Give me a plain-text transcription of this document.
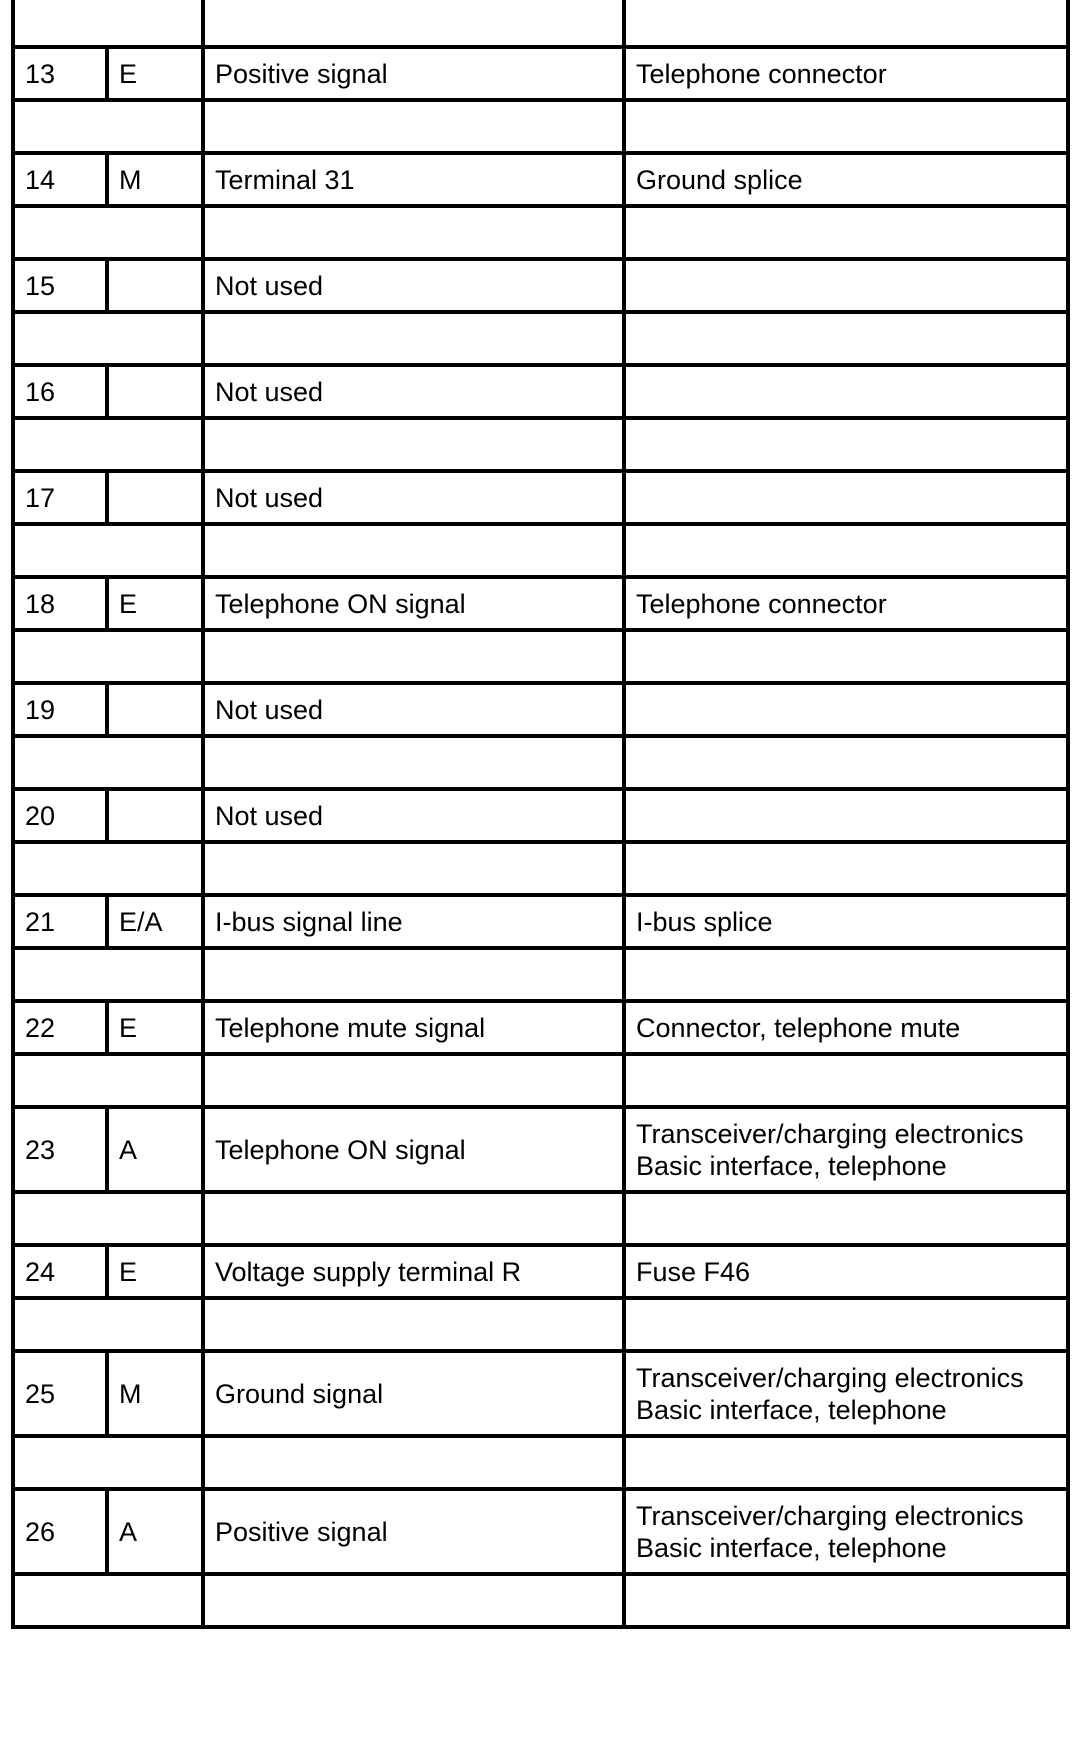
13	E	Positive signal	Telephone connector

14	M	Terminal 31	Ground splice

15		Not used	

16		Not used	

17		Not used	

18	E	Telephone ON signal	Telephone connector

19		Not used	

20		Not used	

21	E/A	I-bus signal line	I-bus splice

22	E	Telephone mute signal	Connector, telephone mute

23	A	Telephone ON signal	Transceiver/charging electronics
Basic interface, telephone

24	E	Voltage supply terminal R	Fuse F46

25	M	Ground signal	Transceiver/charging electronics
Basic interface, telephone

26	A	Positive signal	Transceiver/charging electronics
Basic interface, telephone
